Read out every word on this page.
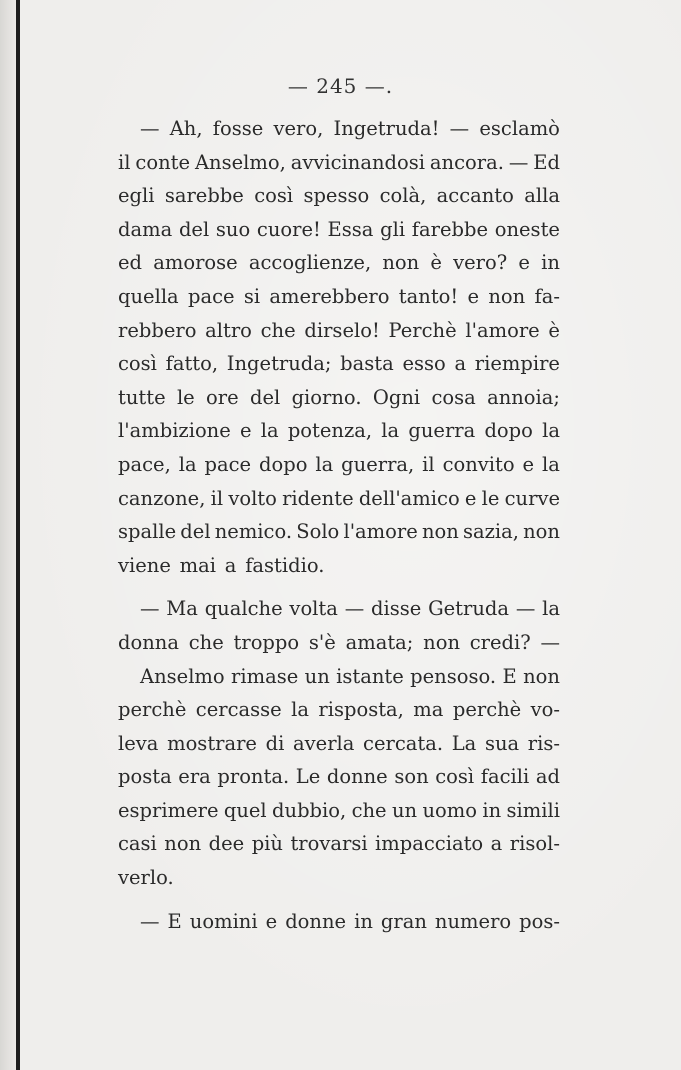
— 245 —.
— Ah, fosse vero, Ingetruda! — esclamò
il conte Anselmo, avvicinandosi ancora. — Ed
egli sarebbe così spesso colà, accanto alla
dama del suo cuore! Essa gli farebbe oneste
ed amorose accoglienze, non è vero? e in
quella pace si amerebbero tanto! e non fa-
rebbero altro che dirselo! Perchè l'amore è
così fatto, Ingetruda; basta esso a riempire
tutte le ore del giorno. Ogni cosa annoia;
l'ambizione e la potenza, la guerra dopo la
pace, la pace dopo la guerra, il convito e la
canzone, il volto ridente dell'amico e le curve
spalle del nemico. Solo l'amore non sazia, non
viene mai a fastidio.
— Ma qualche volta — disse Getruda — la
donna che troppo s'è amata; non credi? —
Anselmo rimase un istante pensoso. E non
perchè cercasse la risposta, ma perchè vo-
leva mostrare di averla cercata. La sua ris-
posta era pronta. Le donne son così facili ad
esprimere quel dubbio, che un uomo in simili
casi non dee più trovarsi impacciato a risol-
verlo.
— E uomini e donne in gran numero pos-
